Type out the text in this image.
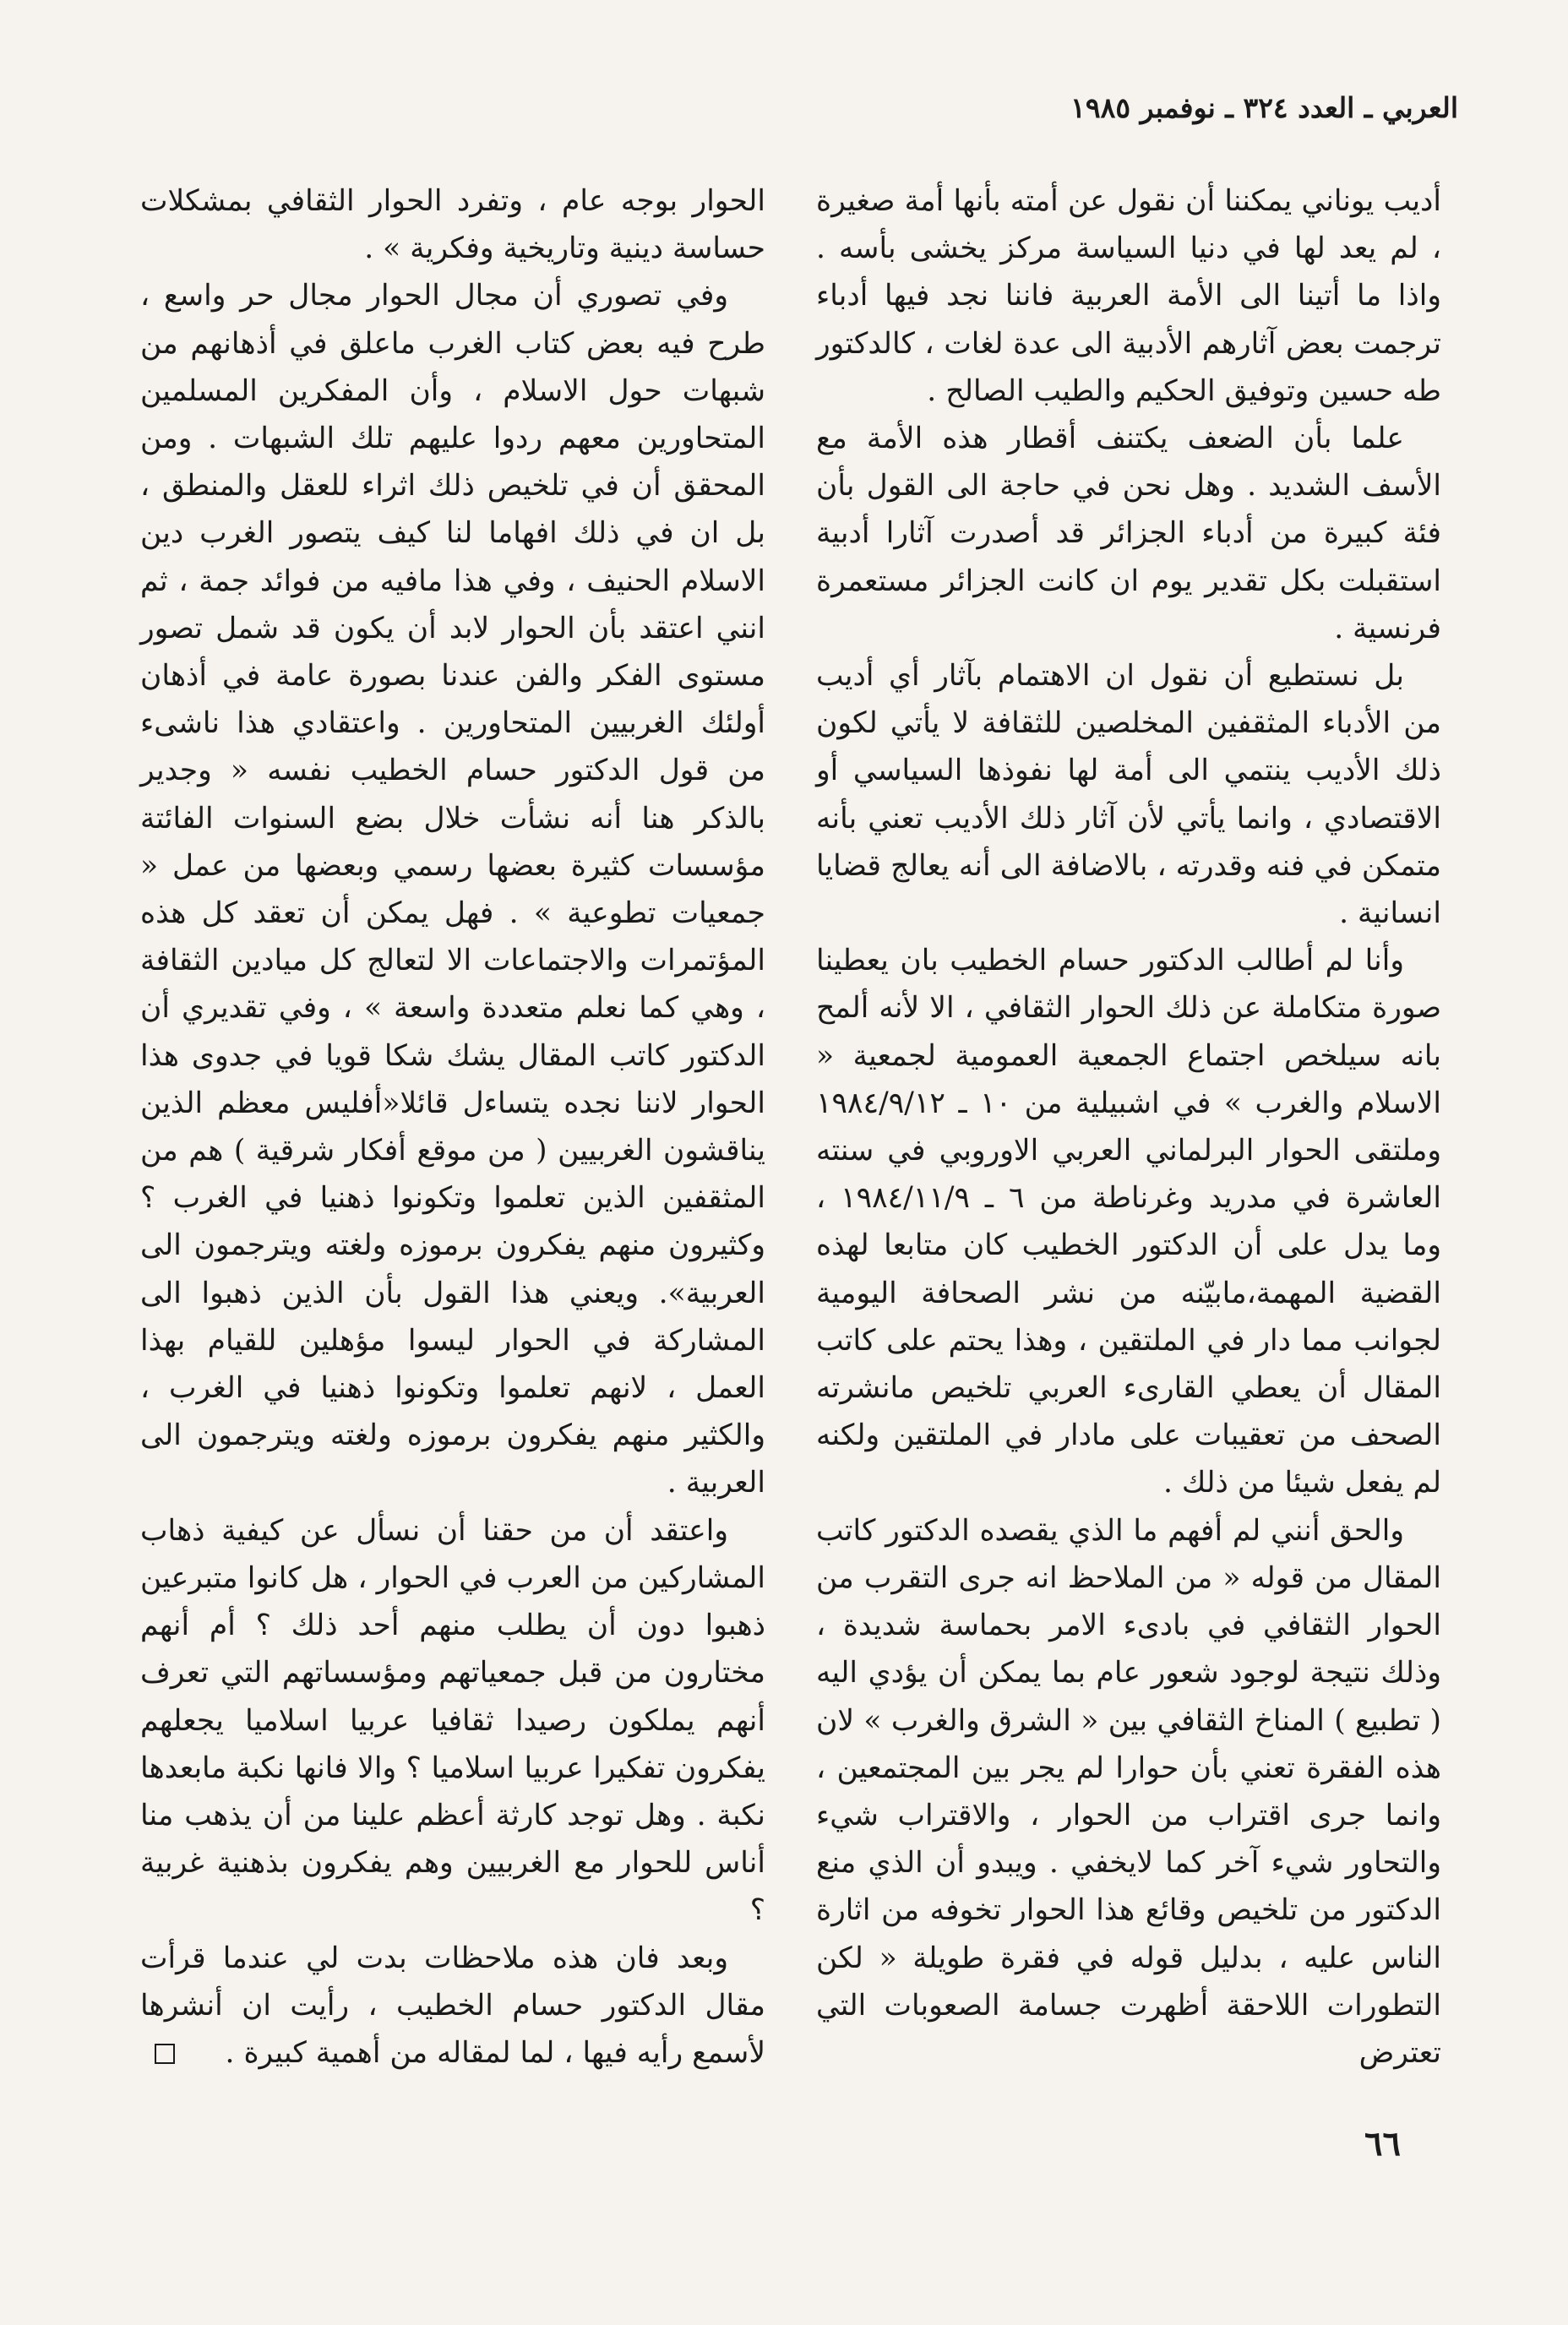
العربي ـ العدد ٣٢٤ ـ نوفمبر ١٩٨٥

أديب يوناني يمكننا أن نقول عن أمته بأنها أمة صغيرة ، لم يعد لها في دنيا السياسة مركز يخشى بأسه . واذا ما أتينا الى الأمة العربية فاننا نجد فيها أدباء ترجمت بعض آثارهم الأدبية الى عدة لغات ، كالدكتور طه حسين وتوفيق الحكيم والطيب الصالح .

علما بأن الضعف يكتنف أقطار هذه الأمة مع الأسف الشديد . وهل نحن في حاجة الى القول بأن فئة كبيرة من أدباء الجزائر قد أصدرت آثارا أدبية استقبلت بكل تقدير يوم ان كانت الجزائر مستعمرة فرنسية .

بل نستطيع أن نقول ان الاهتمام بآثار أي أديب من الأدباء المثقفين المخلصين للثقافة لا يأتي لكون ذلك الأديب ينتمي الى أمة لها نفوذها السياسي أو الاقتصادي ، وانما يأتي لأن آثار ذلك الأديب تعني بأنه متمكن في فنه وقدرته ، بالاضافة الى أنه يعالج قضايا انسانية .

وأنا لم أطالب الدكتور حسام الخطيب بان يعطينا صورة متكاملة عن ذلك الحوار الثقافي ، الا لأنه ألمح بانه سيلخص اجتماع الجمعية العمومية لجمعية « الاسلام والغرب » في اشبيلية من ١٠ ـ ١٩٨٤/٩/١٢ وملتقى الحوار البرلماني العربي الاوروبي في سنته العاشرة في مدريد وغرناطة من ٦ ـ ١٩٨٤/١١/٩ ، وما يدل على أن الدكتور الخطيب كان متابعا لهذه القضية المهمة،مابيّنه من نشر الصحافة اليومية لجوانب مما دار في الملتقين ، وهذا يحتم على كاتب المقال أن يعطي القارىء العربي تلخيص مانشرته الصحف من تعقيبات على مادار في الملتقين ولكنه لم يفعل شيئا من ذلك .

والحق أنني لم أفهم ما الذي يقصده الدكتور كاتب المقال من قوله « من الملاحظ انه جرى التقرب من الحوار الثقافي في بادىء الامر بحماسة شديدة ، وذلك نتيجة لوجود شعور عام بما يمكن أن يؤدي اليه ( تطبيع ) المناخ الثقافي بين « الشرق والغرب » لان هذه الفقرة تعني بأن حوارا لم يجر بين المجتمعين ، وانما جرى اقتراب من الحوار ، والاقتراب شيء والتحاور شيء آخر كما لايخفي . ويبدو أن الذي منع الدكتور من تلخيص وقائع هذا الحوار تخوفه من اثارة الناس عليه ، بدليل قوله في فقرة طويلة « لكن التطورات اللاحقة أظهرت جسامة الصعوبات التي تعترض

الحوار بوجه عام ، وتفرد الحوار الثقافي بمشكلات حساسة دينية وتاريخية وفكرية » .

وفي تصوري أن مجال الحوار مجال حر واسع ، طرح فيه بعض كتاب الغرب ماعلق في أذهانهم من شبهات حول الاسلام ، وأن المفكرين المسلمين المتحاورين معهم ردوا عليهم تلك الشبهات . ومن المحقق أن في تلخيص ذلك اثراء للعقل والمنطق ، بل ان في ذلك افهاما لنا كيف يتصور الغرب دين الاسلام الحنيف ، وفي هذا مافيه من فوائد جمة ، ثم انني اعتقد بأن الحوار لابد أن يكون قد شمل تصور مستوى الفكر والفن عندنا بصورة عامة في أذهان أولئك الغربيين المتحاورين . واعتقادي هذا ناشىء من قول الدكتور حسام الخطيب نفسه « وجدير بالذكر هنا أنه نشأت خلال بضع السنوات الفائتة مؤسسات كثيرة بعضها رسمي وبعضها من عمل « جمعيات تطوعية » . فهل يمكن أن تعقد كل هذه المؤتمرات والاجتماعات الا لتعالج كل ميادين الثقافة ، وهي كما نعلم متعددة واسعة » ، وفي تقديري أن الدكتور كاتب المقال يشك شكا قويا في جدوى هذا الحوار لاننا نجده يتساءل قائلا«أفليس معظم الذين يناقشون الغربيين ( من موقع أفكار شرقية ) هم من المثقفين الذين تعلموا وتكونوا ذهنيا في الغرب ؟ وكثيرون منهم يفكرون برموزه ولغته ويترجمون الى العربية». ويعني هذا القول بأن الذين ذهبوا الى المشاركة في الحوار ليسوا مؤهلين للقيام بهذا العمل ، لانهم تعلموا وتكونوا ذهنيا في الغرب ، والكثير منهم يفكرون برموزه ولغته ويترجمون الى العربية .

واعتقد أن من حقنا أن نسأل عن كيفية ذهاب المشاركين من العرب في الحوار ، هل كانوا متبرعين ذهبوا دون أن يطلب منهم أحد ذلك ؟ أم أنهم مختارون من قبل جمعياتهم ومؤسساتهم التي تعرف أنهم يملكون رصيدا ثقافيا عربيا اسلاميا يجعلهم يفكرون تفكيرا عربيا اسلاميا ؟ والا فانها نكبة مابعدها نكبة . وهل توجد كارثة أعظم علينا من أن يذهب منا أناس للحوار مع الغربيين وهم يفكرون بذهنية غربية ؟

وبعد فان هذه ملاحظات بدت لي عندما قرأت مقال الدكتور حسام الخطيب ، رأيت ان أنشرها لأسمع رأيه فيها ، لما لمقاله من أهمية كبيرة .

٦٦
